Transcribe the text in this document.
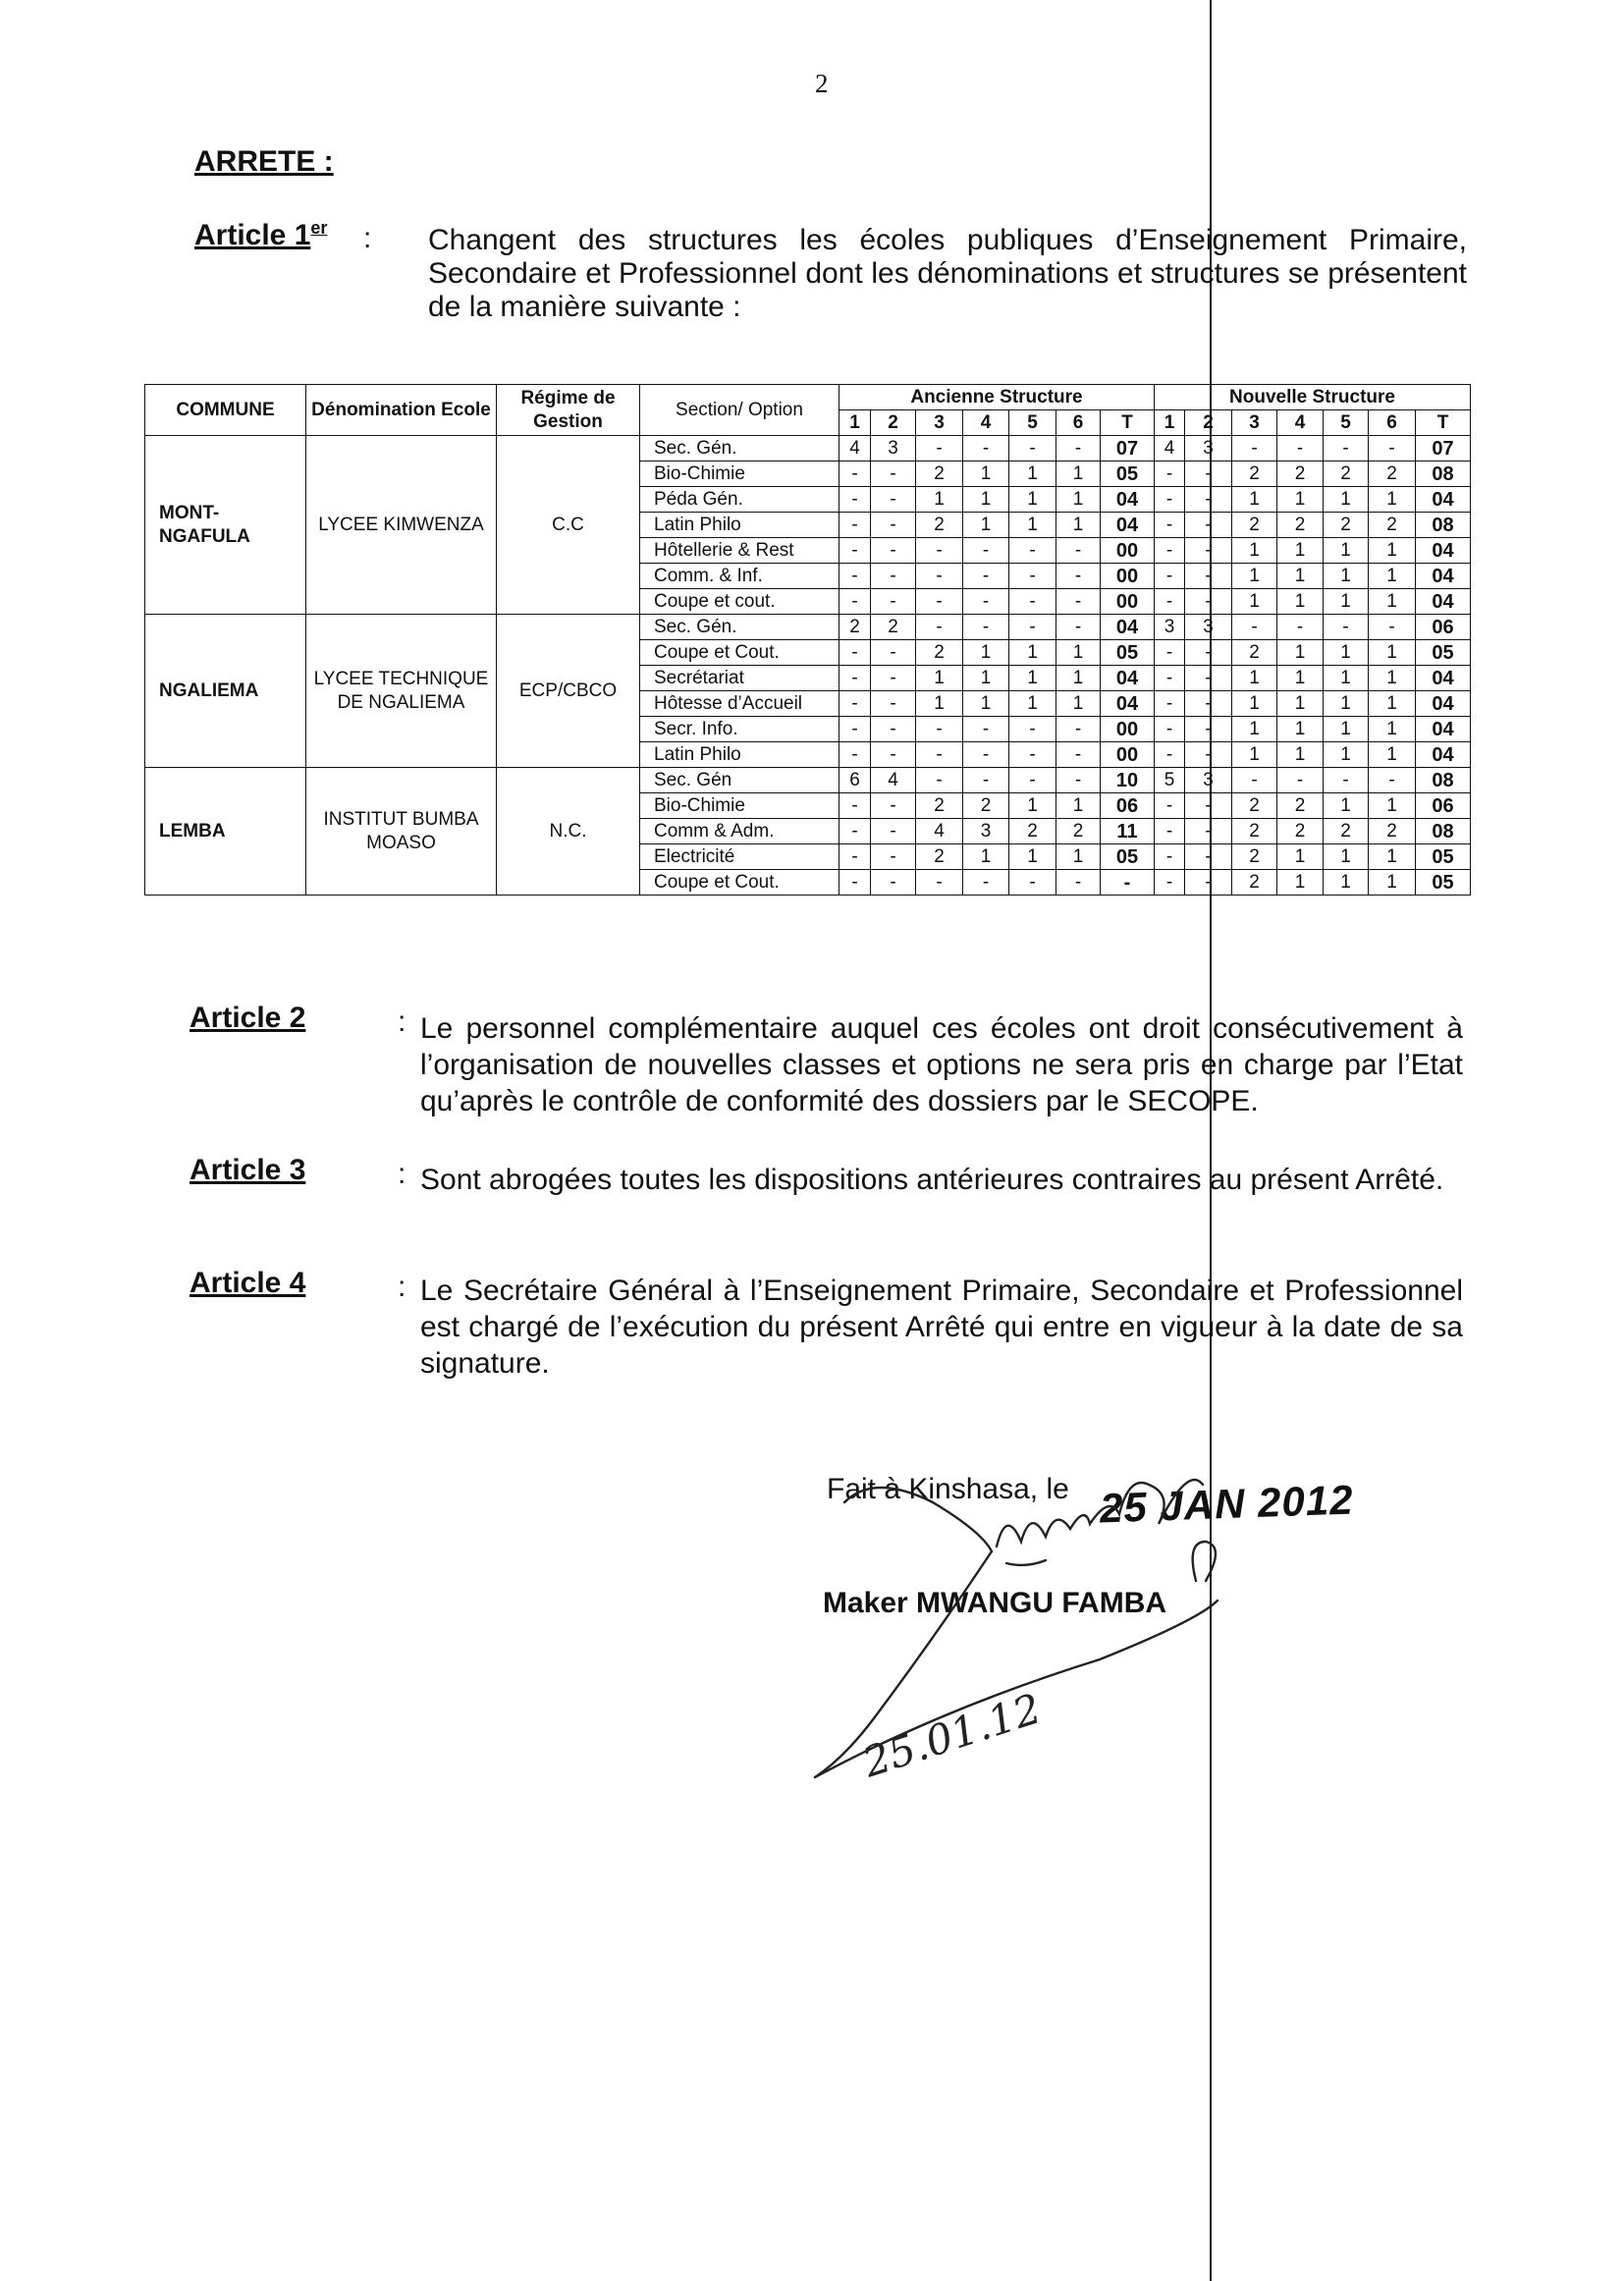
2
ARRETE :
Article 1er : Changent des structures les écoles publiques d’Enseignement Primaire, Secondaire et Professionnel dont les dénominations et structures se présentent de la manière suivante :
COMMUNE	Dénomination Ecole	Régime de Gestion	Section/ Option	Ancienne Structure							Nouvelle Structure						
				1	2	3	4	5	6	T	1	2	3	4	5	6	T
MONT-NGAFULA	LYCEE KIMWENZA	C.C	Sec. Gén.	4	3	-	-	-	-	07	4	3	-	-	-	-	07
			Bio-Chimie	-	-	2	1	1	1	05	-	-	2	2	2	2	08
			Péda Gén.	-	-	1	1	1	1	04	-	-	1	1	1	1	04
			Latin Philo	-	-	2	1	1	1	04	-	-	2	2	2	2	08
			Hôtellerie & Rest	-	-	-	-	-	-	00	-	-	1	1	1	1	04
			Comm. & Inf.	-	-	-	-	-	-	00	-	-	1	1	1	1	04
			Coupe et cout.	-	-	-	-	-	-	00	-	-	1	1	1	1	04
NGALIEMA	LYCEE TECHNIQUE DE NGALIEMA	ECP/CBCO	Sec. Gén.	2	2	-	-	-	-	04	3	3	-	-	-	-	06
			Coupe et Cout.	-	-	2	1	1	1	05	-	-	2	1	1	1	05
			Secrétariat	-	-	1	1	1	1	04	-	-	1	1	1	1	04
			Hôtesse d’Accueil	-	-	1	1	1	1	04	-	-	1	1	1	1	04
			Secr. Info.	-	-	-	-	-	-	00	-	-	1	1	1	1	04
			Latin Philo	-	-	-	-	-	-	00	-	-	1	1	1	1	04
LEMBA	INSTITUT BUMBA MOASO	N.C.	Sec. Gén	6	4	-	-	-	-	10	5	3	-	-	-	-	08
			Bio-Chimie	-	-	2	2	1	1	06	-	-	2	2	1	1	06
			Comm & Adm.	-	-	4	3	2	2	11	-	-	2	2	2	2	08
			Electricité	-	-	2	1	1	1	05	-	-	2	1	1	1	05
			Coupe et Cout.	-	-	-	-	-	-	-	-	-	2	1	1	1	05
Article 2	: Le personnel complémentaire auquel ces écoles ont droit consécutivement à l’organisation de nouvelles classes et options ne sera pris en charge par l’Etat qu’après le contrôle de conformité des dossiers par le SECOPE.
Article 3	: Sont abrogées toutes les dispositions antérieures contraires au présent Arrêté.
Article 4	: Le Secrétaire Général à l’Enseignement Primaire, Secondaire et Professionnel est chargé de l’exécution du présent Arrêté qui entre en vigueur à la date de sa signature.
Fait à Kinshasa, le 25 JAN 2012
Maker MWANGU FAMBA
25.01.12
